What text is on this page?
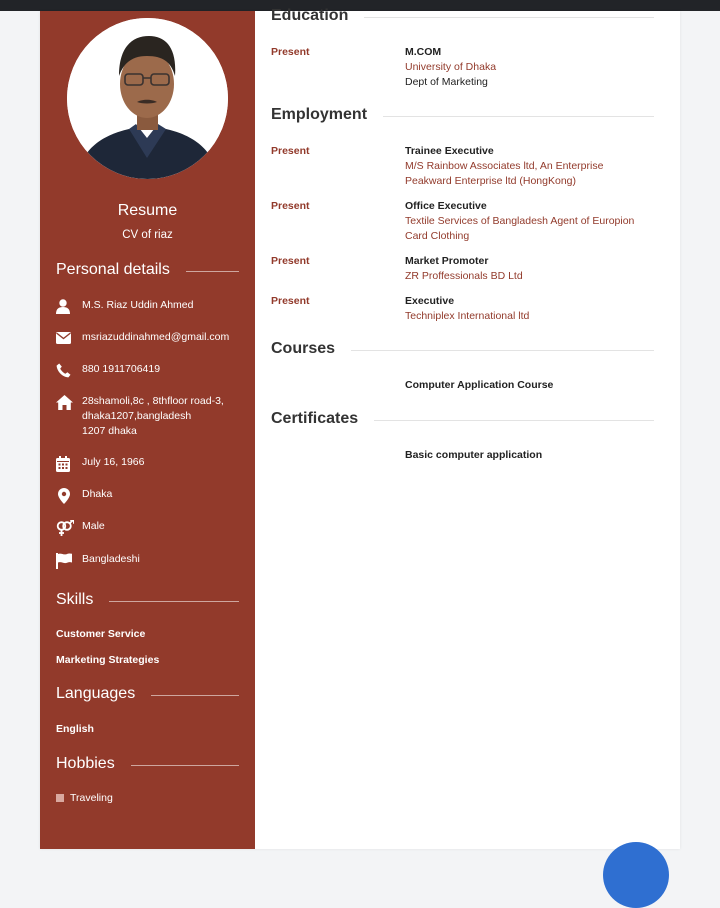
Resume
CV of riaz
Personal details
M.S. Riaz Uddin Ahmed
msriazuddinahmed@gmail.com
880 1911706419
28shamoli,8c , 8thfloor road-3,
dhaka1207,bangladesh
1207 dhaka
July 16, 1966
Dhaka
Male
Bangladeshi
Skills
Customer Service
Marketing Strategies
Languages
English
Hobbies
Traveling
Education
Present	M.COM
University of Dhaka
Dept of Marketing
Employment
Present	Trainee Executive
M/S Rainbow Associates ltd, An Enterprise
Peakward Enterprise ltd (HongKong)
Present	Office Executive
Textile Services of Bangladesh Agent of Europion
Card Clothing
Present	Market Promoter
ZR Proffessionals BD Ltd
Present	Executive
Techniplex International ltd
Courses
Computer Application Course
Certificates
Basic computer application
